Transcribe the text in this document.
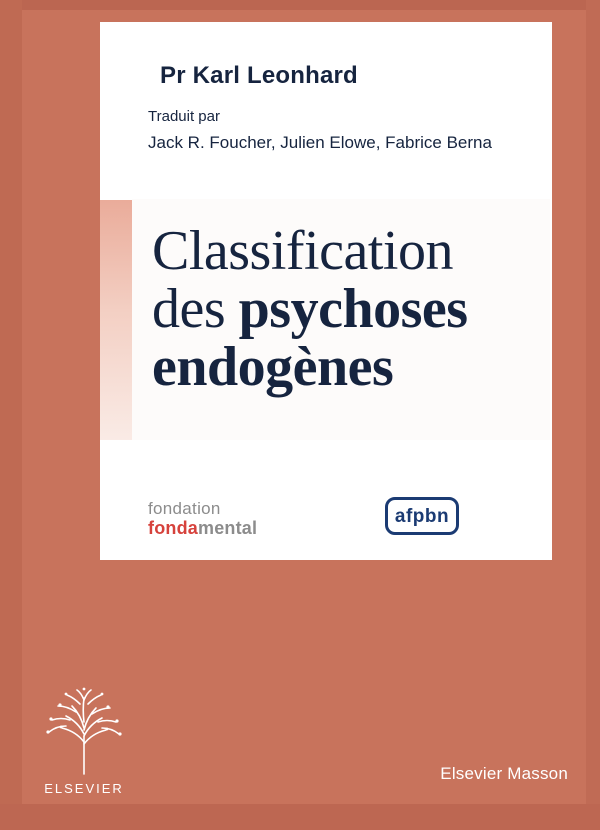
Pr Karl Leonhard
Traduit par
Jack R. Foucher, Julien Elowe, Fabrice Berna
Classification
des psychoses
endogènes
fondation
fondamental
afpbn
ELSEVIER
Elsevier Masson
